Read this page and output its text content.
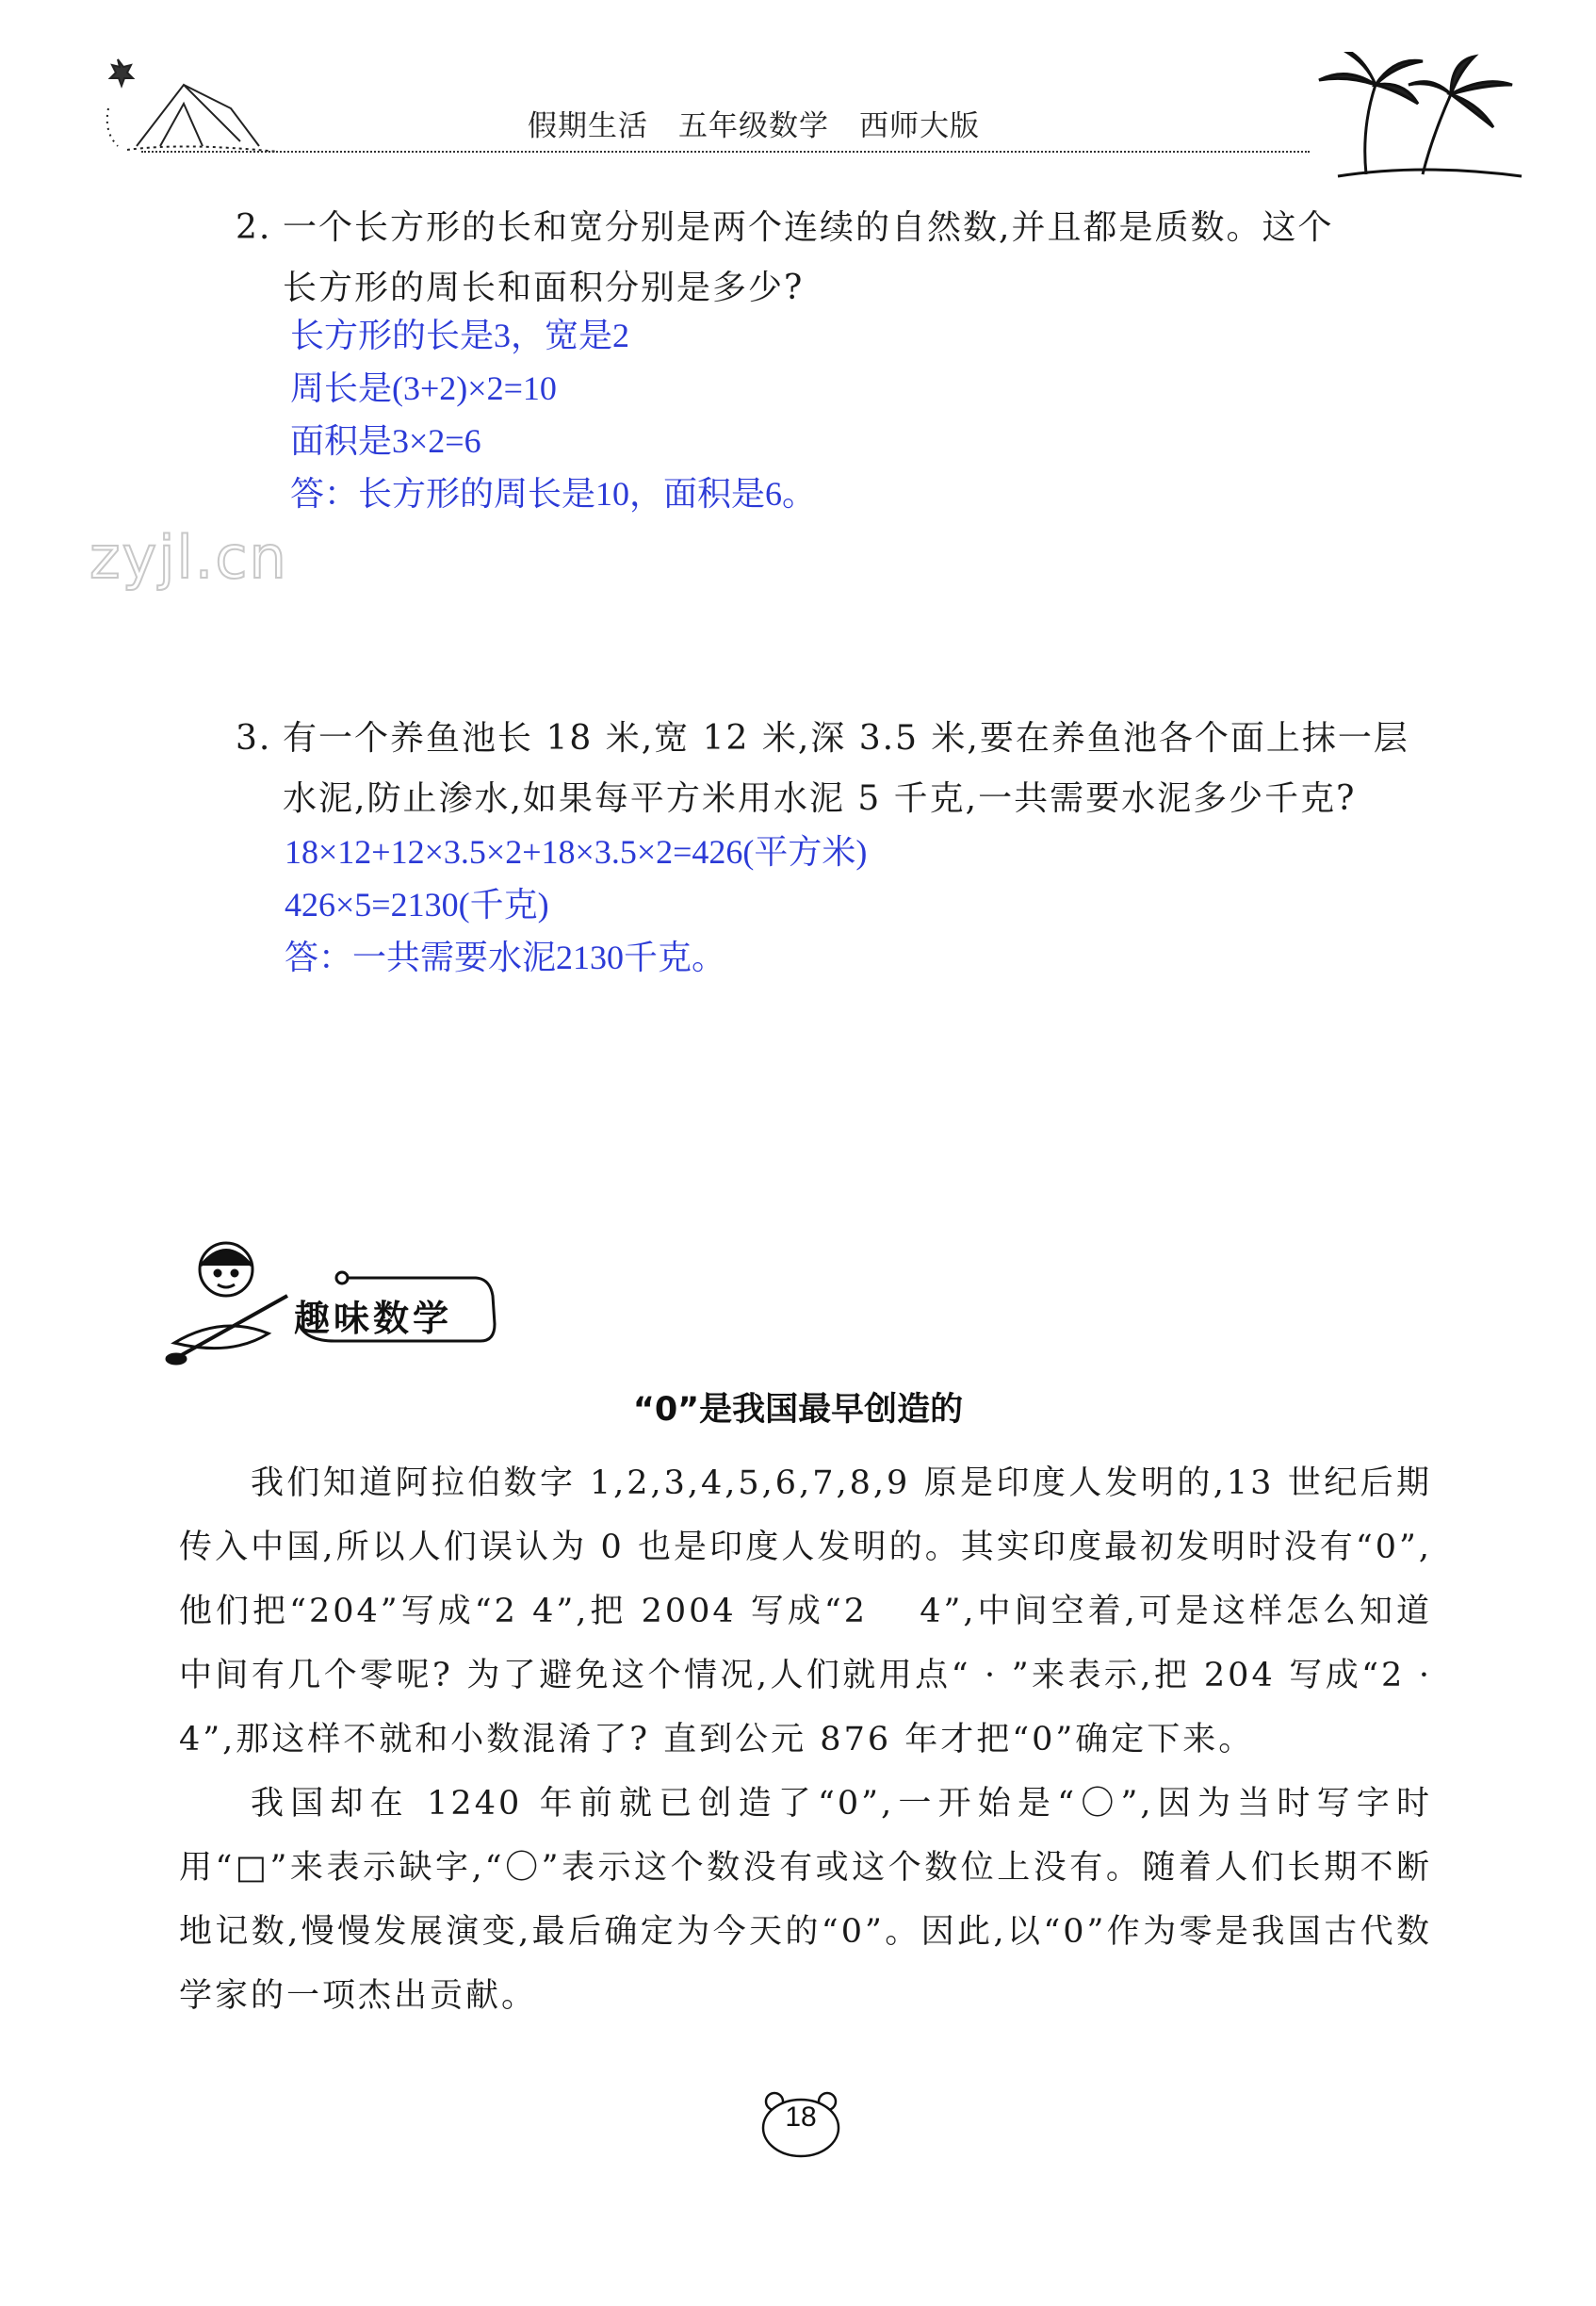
假期生活　五年级数学　西师大版
2. 一个长方形的长和宽分别是两个连续的自然数,并且都是质数。这个
长方形的周长和面积分别是多少?
长方形的长是3，宽是2
周长是(3+2)×2=10
面积是3×2=6
答：长方形的周长是10，面积是6。
zyjl.cn
3. 有一个养鱼池长 18 米,宽 12 米,深 3.5 米,要在养鱼池各个面上抹一层
水泥,防止渗水,如果每平方米用水泥 5 千克,一共需要水泥多少千克?
18×12+12×3.5×2+18×3.5×2=426(平方米)
426×5=2130(千克)
答：一共需要水泥2130千克。
趣味数学
“0”是我国最早创造的

我们知道阿拉伯数字 1,2,3,4,5,6,7,8,9 原是印度人发明的,13 世纪后期传入中国,所以人们误认为 0 也是印度人发明的。其实印度最初发明时没有“0”,他们把“204”写成“2 4”,把 2004 写成“2　 4”,中间空着,可是这样怎么知道中间有几个零呢? 为了避免这个情况,人们就用点“ · ”来表示,把 204 写成“2 · 4”,那这样不就和小数混淆了? 直到公元 876 年才把“0”确定下来。

我国却在 1240 年前就已创造了“0”,一开始是“〇”,因为当时写字时用“□”来表示缺字,“〇”表示这个数没有或这个数位上没有。随着人们长期不断地记数,慢慢发展演变,最后确定为今天的“0”。因此,以“0”作为零是我国古代数学家的一项杰出贡献。

18
